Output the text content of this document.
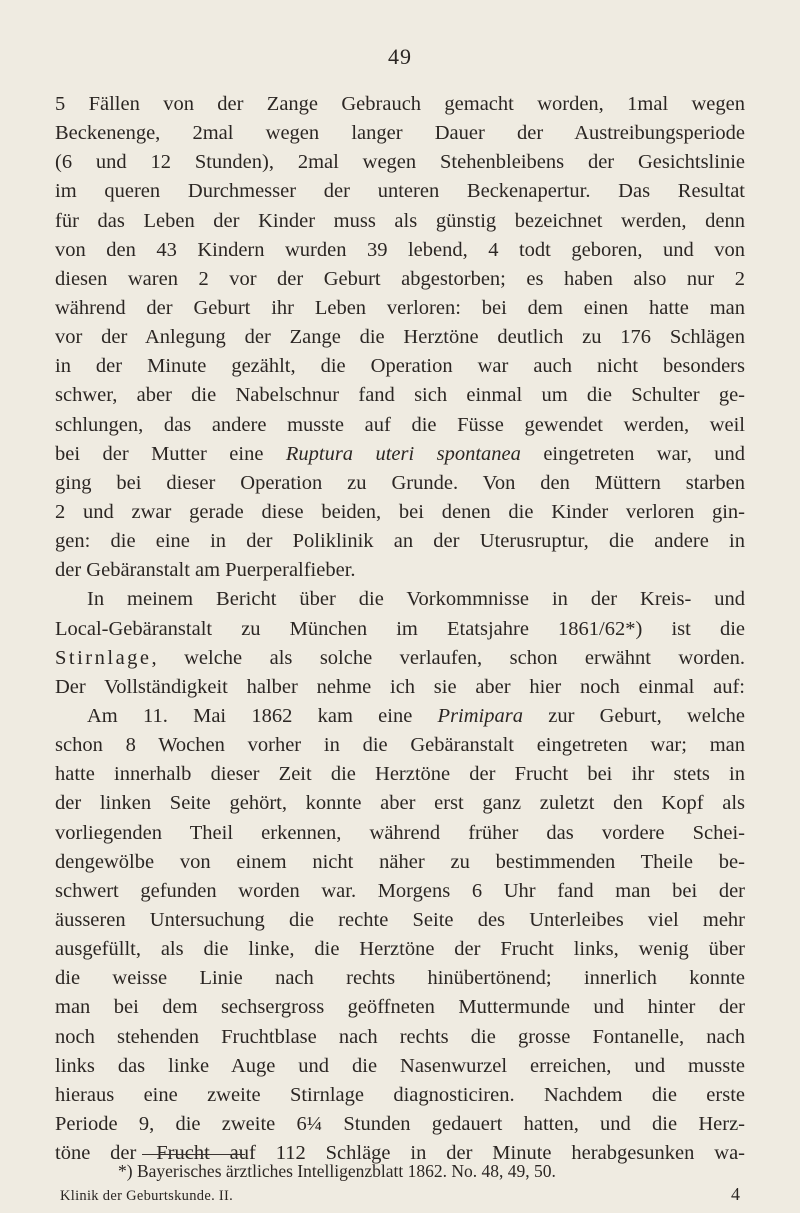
49
5 Fällen von der Zange Gebrauch gemacht worden, 1mal wegen
Beckenenge, 2mal wegen langer Dauer der Austreibungsperiode
(6 und 12 Stunden), 2mal wegen Stehenbleibens der Gesichtslinie
im queren Durchmesser der unteren Beckenapertur. Das Resultat
für das Leben der Kinder muss als günstig bezeichnet werden, denn
von den 43 Kindern wurden 39 lebend, 4 todt geboren, und von
diesen waren 2 vor der Geburt abgestorben; es haben also nur 2
während der Geburt ihr Leben verloren: bei dem einen hatte man
vor der Anlegung der Zange die Herztöne deutlich zu 176 Schlägen
in der Minute gezählt, die Operation war auch nicht besonders
schwer, aber die Nabelschnur fand sich einmal um die Schulter ge-
schlungen, das andere musste auf die Füsse gewendet werden, weil
bei der Mutter eine Ruptura uteri spontanea eingetreten war, und
ging bei dieser Operation zu Grunde. Von den Müttern starben
2 und zwar gerade diese beiden, bei denen die Kinder verloren gin-
gen: die eine in der Poliklinik an der Uterusruptur, die andere in
der Gebäranstalt am Puerperalfieber.
In meinem Bericht über die Vorkommnisse in der Kreis- und
Local-Gebäranstalt zu München im Etatsjahre 1861/62*) ist die
Stirnlage, welche als solche verlaufen, schon erwähnt worden.
Der Vollständigkeit halber nehme ich sie aber hier noch einmal auf:
Am 11. Mai 1862 kam eine Primipara zur Geburt, welche
schon 8 Wochen vorher in die Gebäranstalt eingetreten war; man
hatte innerhalb dieser Zeit die Herztöne der Frucht bei ihr stets in
der linken Seite gehört, konnte aber erst ganz zuletzt den Kopf als
vorliegenden Theil erkennen, während früher das vordere Schei-
dengewölbe von einem nicht näher zu bestimmenden Theile be-
schwert gefunden worden war. Morgens 6 Uhr fand man bei der
äusseren Untersuchung die rechte Seite des Unterleibes viel mehr
ausgefüllt, als die linke, die Herztöne der Frucht links, wenig über
die weisse Linie nach rechts hinübertönend; innerlich konnte
man bei dem sechsergross geöffneten Muttermunde und hinter der
noch stehenden Fruchtblase nach rechts die grosse Fontanelle, nach
links das linke Auge und die Nasenwurzel erreichen, und musste
hieraus eine zweite Stirnlage diagnosticiren. Nachdem die erste
Periode 9, die zweite 6¼ Stunden gedauert hatten, und die Herz-
töne der Frucht auf 112 Schläge in der Minute herabgesunken wa-
*) Bayerisches ärztliches Intelligenzblatt 1862. No. 48, 49, 50.
Klinik der Geburtskunde. II.	4
